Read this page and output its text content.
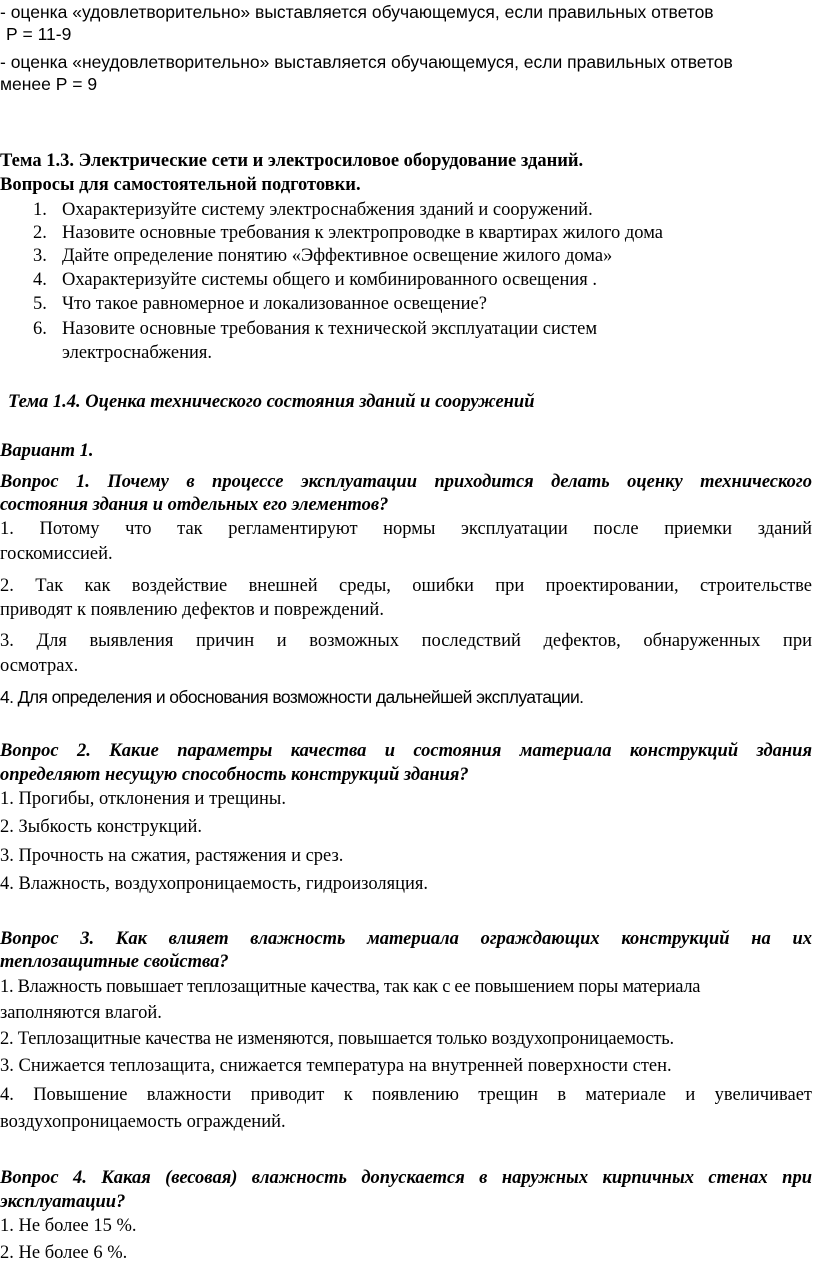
- оценка «удовлетворительно» выставляется обучающемуся, если правильных ответов
Р = 11-9
- оценка «неудовлетворительно» выставляется обучающемуся, если правильных ответов
менее Р = 9
Тема 1.3. Электрические сети и электросиловое оборудование зданий.
Вопросы для самостоятельной подготовки.
1. Охарактеризуйте систему электроснабжения зданий и сооружений.
2. Назовите основные требования к электропроводке в квартирах жилого дома
3. Дайте определение понятию «Эффективное освещение жилого дома»
4. Охарактеризуйте системы общего и комбинированного освещения .
5. Что такое равномерное и локализованное освещение?
6. Назовите основные требования к технической эксплуатации систем
электроснабжения.
Тема 1.4. Оценка технического состояния зданий и сооружений
Вариант 1.
Вопрос 1. Почему в процессе эксплуатации приходится делать оценку технического
состояния здания и отдельных его элементов?
1. Потому что так регламентируют нормы эксплуатации после приемки зданий
госкомиссией.
2. Так как воздействие внешней среды, ошибки при проектировании, строительстве
приводят к появлению дефектов и повреждений.
3. Для выявления причин и возможных последствий дефектов, обнаруженных при
осмотрах.
4. Для определения и обоснования возможности дальнейшей эксплуатации.
Вопрос 2. Какие параметры качества и состояния материала конструкций здания
определяют несущую способность конструкций здания?
1. Прогибы, отклонения и трещины.
2. Зыбкость конструкций.
3. Прочность на сжатия, растяжения и срез.
4. Влажность, воздухопроницаемость, гидроизоляция.
Вопрос 3. Как влияет влажность материала ограждающих конструкций на их
теплозащитные свойства?
1. Влажность повышает теплозащитные качества, так как с ее повышением поры материала
заполняются влагой.
2. Теплозащитные качества не изменяются, повышается только воздухопроницаемость.
3. Снижается теплозащита, снижается температура на внутренней поверхности стен.
4. Повышение влажности приводит к появлению трещин в материале и увеличивает
воздухопроницаемость ограждений.
Вопрос 4. Какая (весовая) влажность допускается в наружных кирпичных стенах при
эксплуатации?
1. Не более 15 %.
2. Не более 6 %.
